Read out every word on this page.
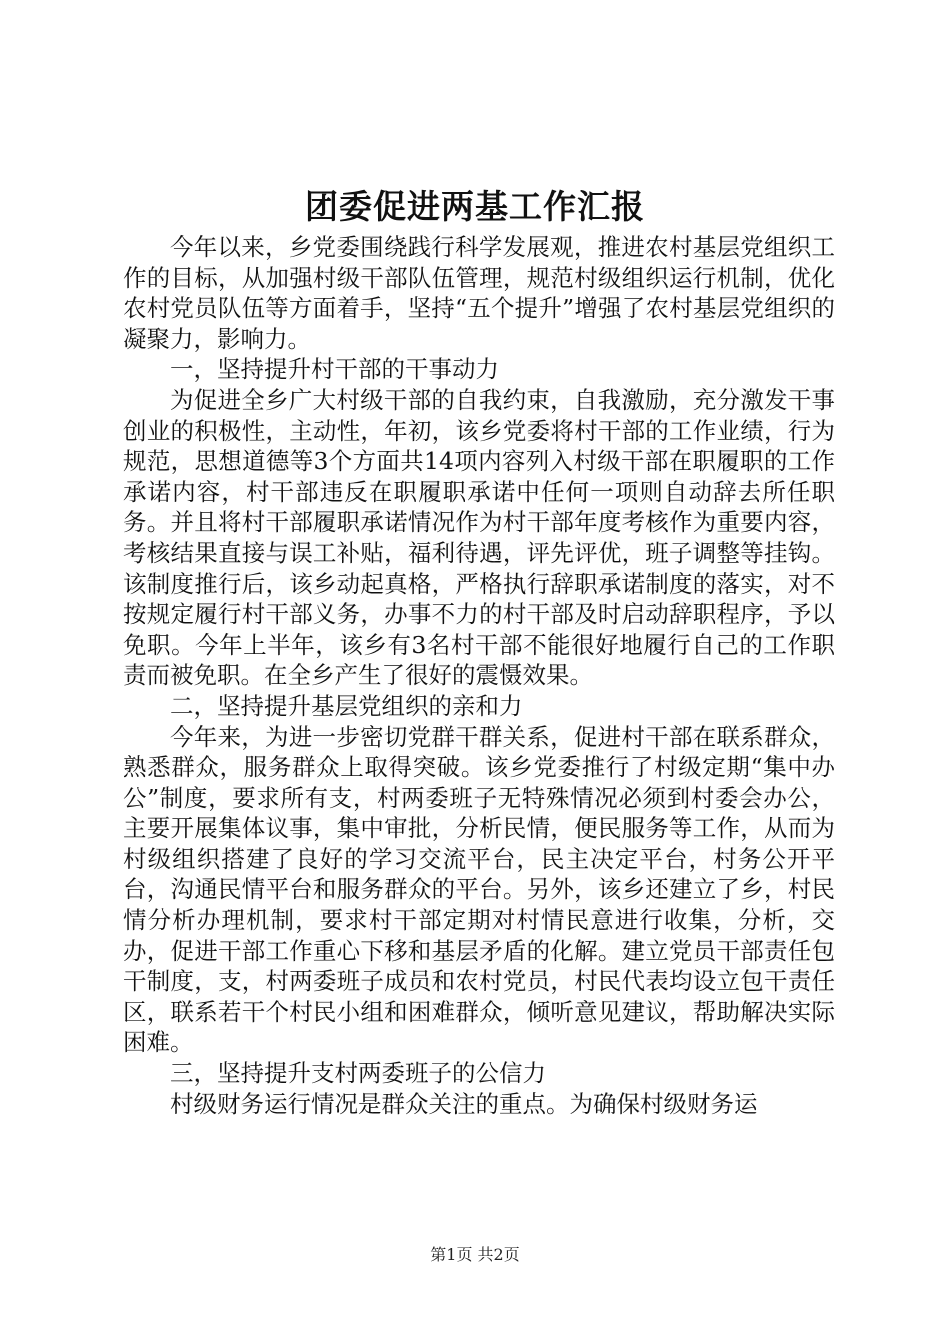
团委促进两基工作汇报

今年以来，乡党委围绕践行科学发展观，推进农村基层党组织工作的目标，从加强村级干部队伍管理，规范村级组织运行机制，优化农村党员队伍等方面着手，坚持“五个提升”增强了农村基层党组织的凝聚力，影响力。

一，坚持提升村干部的干事动力

为促进全乡广大村级干部的自我约束，自我激励，充分激发干事创业的积极性，主动性，年初，该乡党委将村干部的工作业绩，行为规范，思想道德等3个方面共14项内容列入村级干部在职履职的工作承诺内容，村干部违反在职履职承诺中任何一项则自动辞去所任职务。并且将村干部履职承诺情况作为村干部年度考核作为重要内容，考核结果直接与误工补贴，福利待遇，评先评优，班子调整等挂钩。该制度推行后，该乡动起真格，严格执行辞职承诺制度的落实，对不按规定履行村干部义务，办事不力的村干部及时启动辞职程序，予以免职。今年上半年，该乡有3名村干部不能很好地履行自己的工作职责而被免职。在全乡产生了很好的震慑效果。

二，坚持提升基层党组织的亲和力

今年来，为进一步密切党群干群关系，促进村干部在联系群众，熟悉群众，服务群众上取得突破。该乡党委推行了村级定期“集中办公”制度，要求所有支，村两委班子无特殊情况必须到村委会办公，主要开展集体议事，集中审批，分析民情，便民服务等工作，从而为村级组织搭建了良好的学习交流平台，民主决定平台，村务公开平台，沟通民情平台和服务群众的平台。另外，该乡还建立了乡，村民情分析办理机制，要求村干部定期对村情民意进行收集，分析，交办，促进干部工作重心下移和基层矛盾的化解。建立党员干部责任包干制度，支，村两委班子成员和农村党员，村民代表均设立包干责任区，联系若干个村民小组和困难群众，倾听意见建议，帮助解决实际困难。

三，坚持提升支村两委班子的公信力

村级财务运行情况是群众关注的重点。为确保村级财务运

第1页 共2页
